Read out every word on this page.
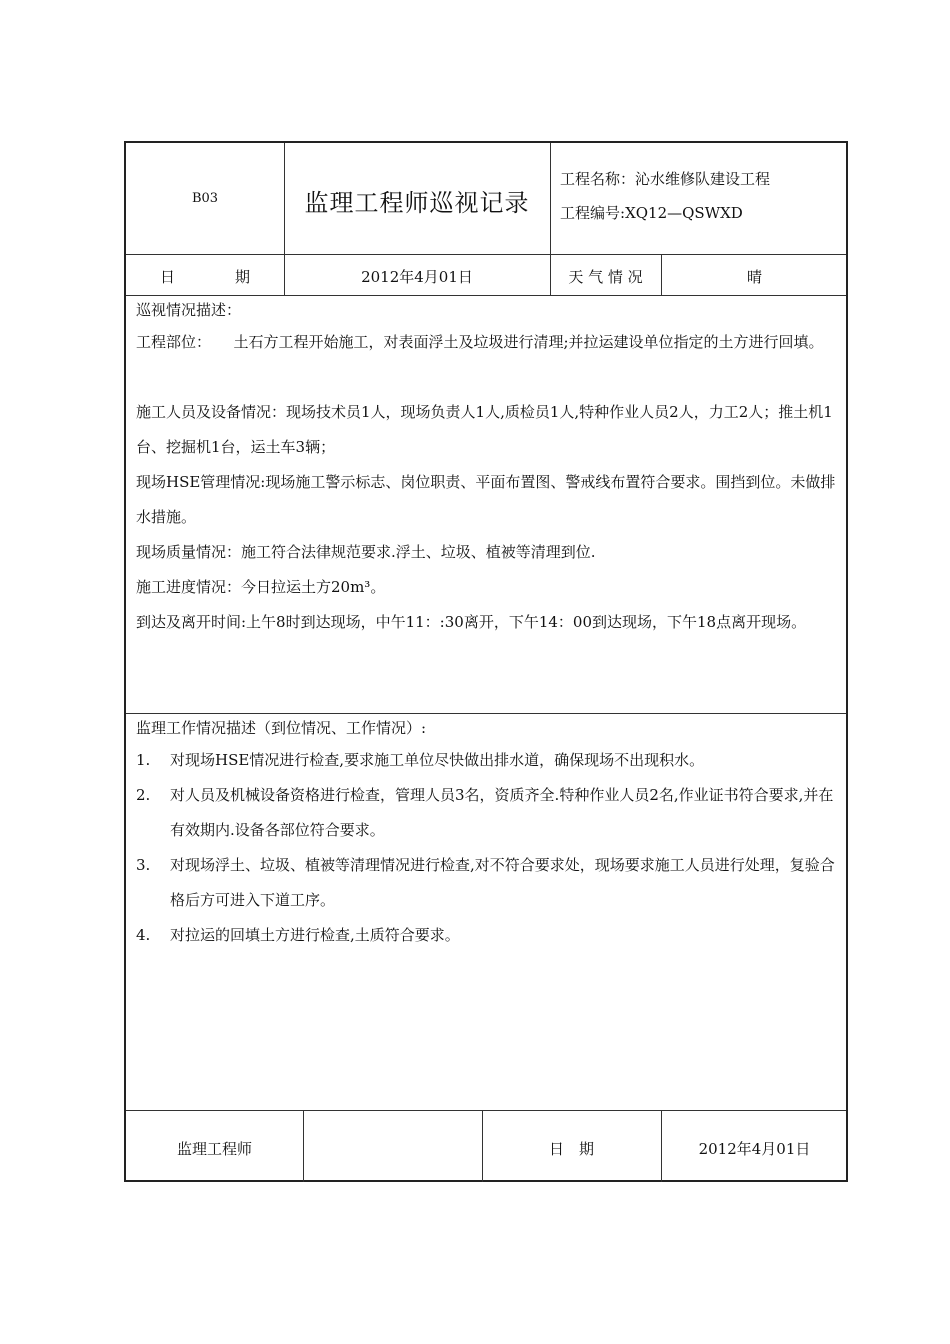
B03	监理工程师巡视记录
工程名称：沁水维修队建设工程
工程编号:XQ12—QSWXD
日　　　　期	2012年4月01日	天 气 情 况	晴
巡视情况描述：
工程部位：　　土石方工程开始施工，对表面浮土及垃圾进行清理;并拉运建设单位指定的土方进行回填。
施工人员及设备情况：现场技术员1人，现场负责人1人,质检员1人,特种作业人员2人，力工2人；推土机1台、挖掘机1台，运土车3辆；
现场HSE管理情况:现场施工警示标志、岗位职责、平面布置图、警戒线布置符合要求。围挡到位。未做排水措施。
现场质量情况：施工符合法律规范要求.浮土、垃圾、植被等清理到位.
施工进度情况：今日拉运土方20m³。
到达及离开时间:上午8时到达现场，中午11：:30离开，下午14：00到达现场，下午18点离开现场。
监理工作情况描述（到位情况、工作情况）:
1.	对现场HSE情况进行检查,要求施工单位尽快做出排水道，确保现场不出现积水。
2.	对人员及机械设备资格进行检查，管理人员3名，资质齐全.特种作业人员2名,作业证书符合要求,并在有效期内.设备各部位符合要求。
3.	对现场浮土、垃圾、植被等清理情况进行检查,对不符合要求处，现场要求施工人员进行处理，复验合格后方可进入下道工序。
4.	对拉运的回填土方进行检查,土质符合要求。
监理工程师	日　期	2012年4月01日
